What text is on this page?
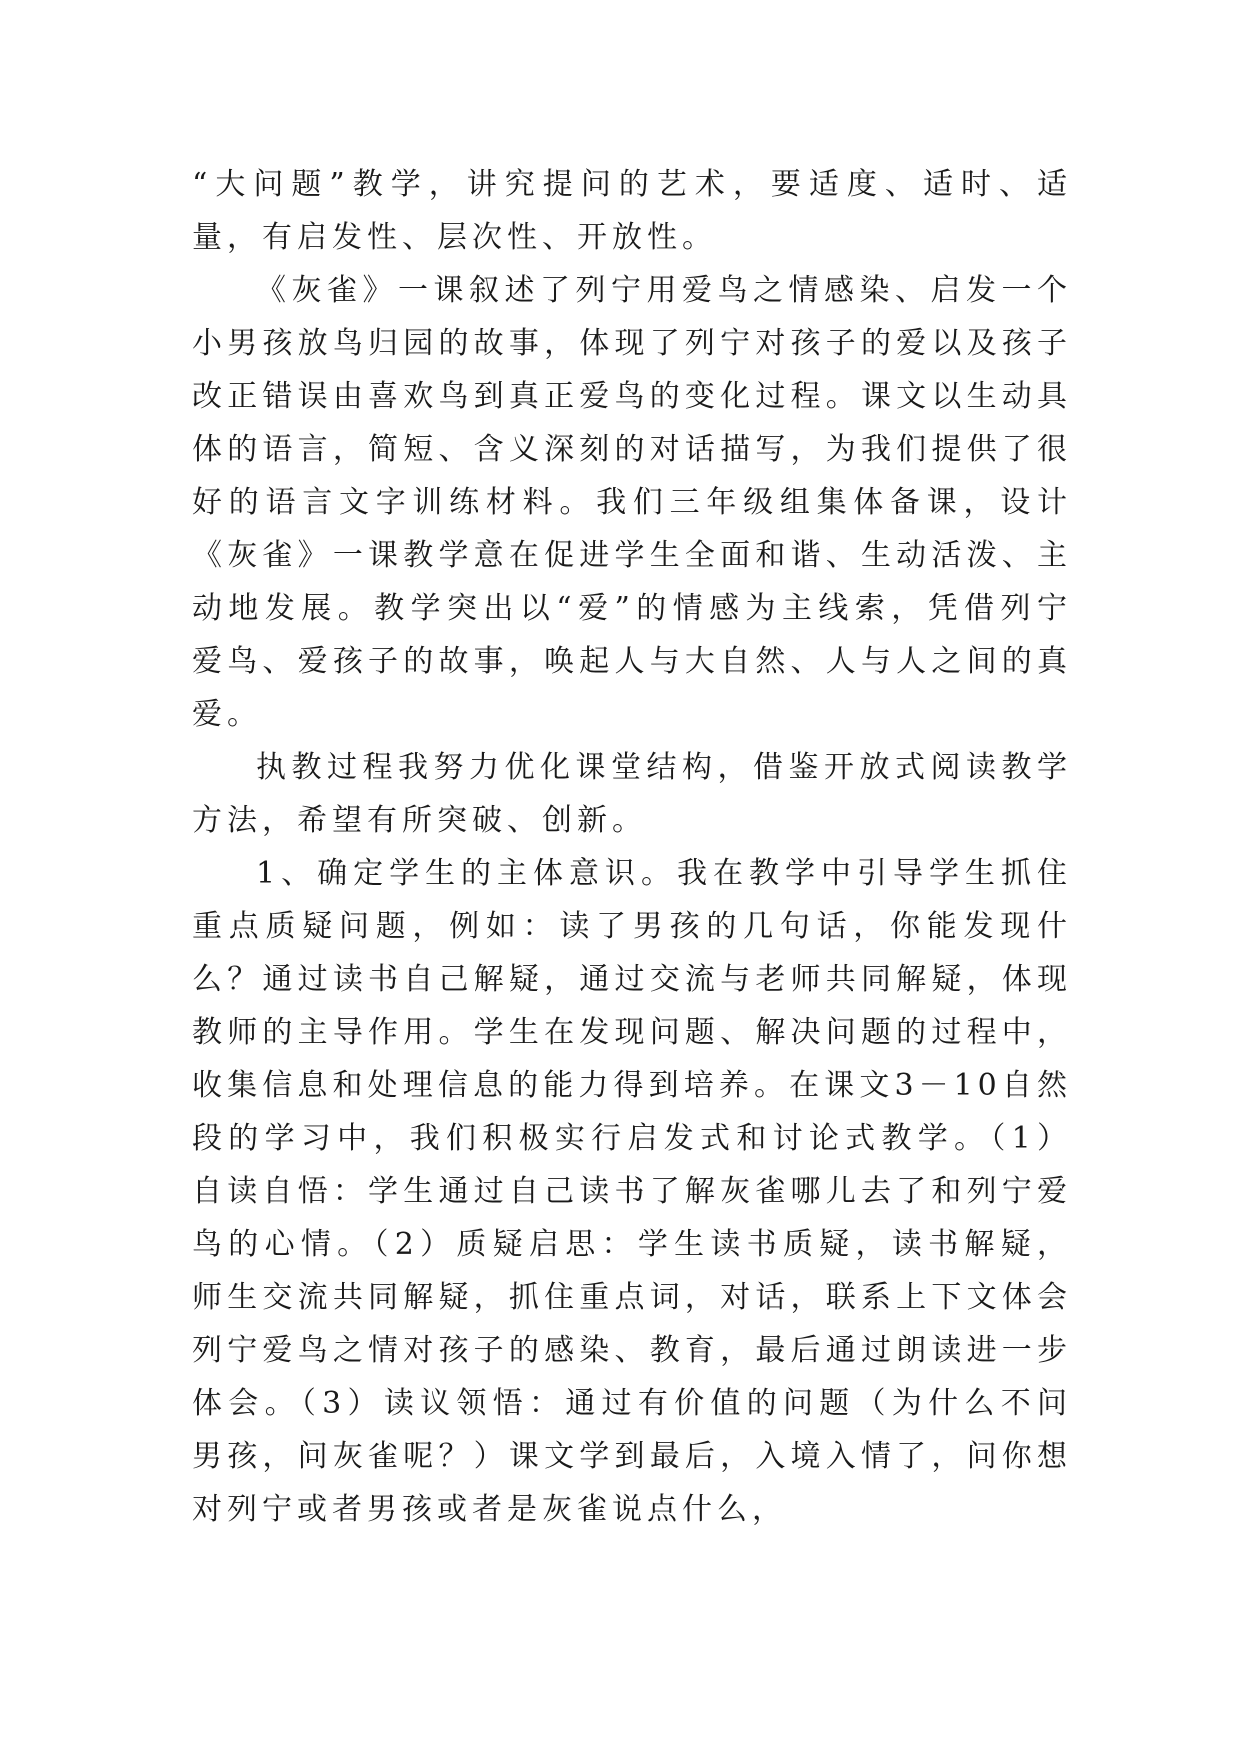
“大问题”教学，讲究提问的艺术，要适度、适时、适量，有启发性、层次性、开放性。

《灰雀》一课叙述了列宁用爱鸟之情感染、启发一个小男孩放鸟归园的故事，体现了列宁对孩子的爱以及孩子改正错误由喜欢鸟到真正爱鸟的变化过程。课文以生动具体的语言，简短、含义深刻的对话描写，为我们提供了很好的语言文字训练材料。我们三年级组集体备课，设计《灰雀》一课教学意在促进学生全面和谐、生动活泼、主动地发展。教学突出以“爱”的情感为主线索，凭借列宁爱鸟、爱孩子的故事，唤起人与大自然、人与人之间的真爱。

执教过程我努力优化课堂结构，借鉴开放式阅读教学方法，希望有所突破、创新。

1、确定学生的主体意识。我在教学中引导学生抓住重点质疑问题，例如：读了男孩的几句话，你能发现什么？通过读书自己解疑，通过交流与老师共同解疑，体现教师的主导作用。学生在发现问题、解决问题的过程中，收集信息和处理信息的能力得到培养。在课文3－10自然段的学习中，我们积极实行启发式和讨论式教学。（1）自读自悟：学生通过自己读书了解灰雀哪儿去了和列宁爱鸟的心情。（2）质疑启思：学生读书质疑，读书解疑，师生交流共同解疑，抓住重点词，对话，联系上下文体会列宁爱鸟之情对孩子的感染、教育，最后通过朗读进一步体会。（3）读议领悟：通过有价值的问题（为什么不问男孩，问灰雀呢？）课文学到最后，入境入情了，问你想对列宁或者男孩或者是灰雀说点什么，
